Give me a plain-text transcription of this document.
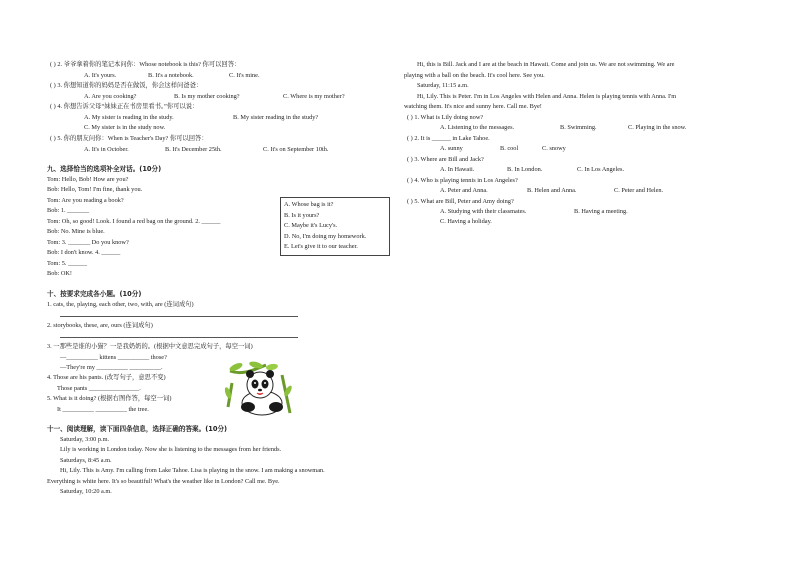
( ) 2. 爷爷拿着你的笔记本问你：Whose notebook is this? 你可以回答：
A. It's yours.	B. It's a notebook.	C. It's mine.
( ) 3. 你想知道你的妈妈是否在做饭，你会这样问爸爸：
A. Are you cooking?	B. Is my mother cooking?	C. Where is my mother?
( ) 4. 你想告诉父母“妹妹正在书房里看书。”你可以说：
A. My sister is reading in the study.	B. My sister reading in the study?
C. My sister is in the study now.
( ) 5. 你的朋友问你：When is Teacher's Day? 你可以回答：
A. It's in October.	B. It's December 25th.	C. It's on September 10th.
九、选择恰当的选项补全对话。(10分)
Tom: Hello, Bob! How are you?
Bob: Hello, Tom! I'm fine, thank you.
Tom: Are you reading a book?
Bob: 1. _______
Tom: Oh, so good! Look. I found a red bag on the ground. 2. ______
Bob: No. Mine is blue.
Tom: 3. _______ Do you know?
Bob: I don't know. 4. ______
Tom: 5. ______
Bob: OK!
A. Whose bag is it?
B. Is it yours?
C. Maybe it's Lucy's.
D. No, I'm doing my homework.
E. Let's give it to our teacher.
十、按要求完成各小题。(10分)
1. cats, the, playing, each other, two, with, are (连词成句)
2. storybooks, these, are, ours (连词成句)
3. 一那些是谁的小猫？一是我奶奶的。(根据中文意思完成句子，每空一词)
—__________ kittens __________ those?
—They're my __________ __________.
4. Those are his pants. (改写句子，意思不变)
Those pants ________________.
5. What is it doing? (根据右图作答，每空一词)
It __________ __________ the tree.
十一、阅读理解，读下面四条信息，选择正确的答案。(10分)
Saturday, 3:00 p.m.
Lily is working in London today. Now she is listening to the messages from her friends.
Saturdays, 8:45 a.m.
Hi, Lily. This is Amy. I'm calling from Lake Tahoe. Lisa is playing in the snow. I am making a snowman.
Everything is white here. It's so beautiful! What's the weather like in London? Call me. Bye.
Saturday, 10:20 a.m.
Hi, this is Bill. Jack and I are at the beach in Hawaii. Come and join us. We are not swimming. We are
playing with a ball on the beach. It's cool here. See you.
Saturday, 11:15 a.m.
Hi, Lily. This is Peter. I'm in Los Angeles with Helen and Anna. Helen is playing tennis with Anna. I'm
watching them. It's nice and sunny here. Call me. Bye!
( ) 1. What is Lily doing now?
A. Listening to the messages.	B. Swimming.	C. Playing in the snow.
( ) 2. It is ______ in Lake Tahoe.
A. sunny	B. cool	C. snowy
( ) 3. Where are Bill and Jack?
A. In Hawaii.	B. In London.	C. In Los Angeles.
( ) 4. Who is playing tennis in Los Angeles?
A. Peter and Anna.	B. Helen and Anna.	C. Peter and Helen.
( ) 5. What are Bill, Peter and Amy doing?
A. Studying with their classmates.	B. Having a meeting.
C. Having a holiday.
